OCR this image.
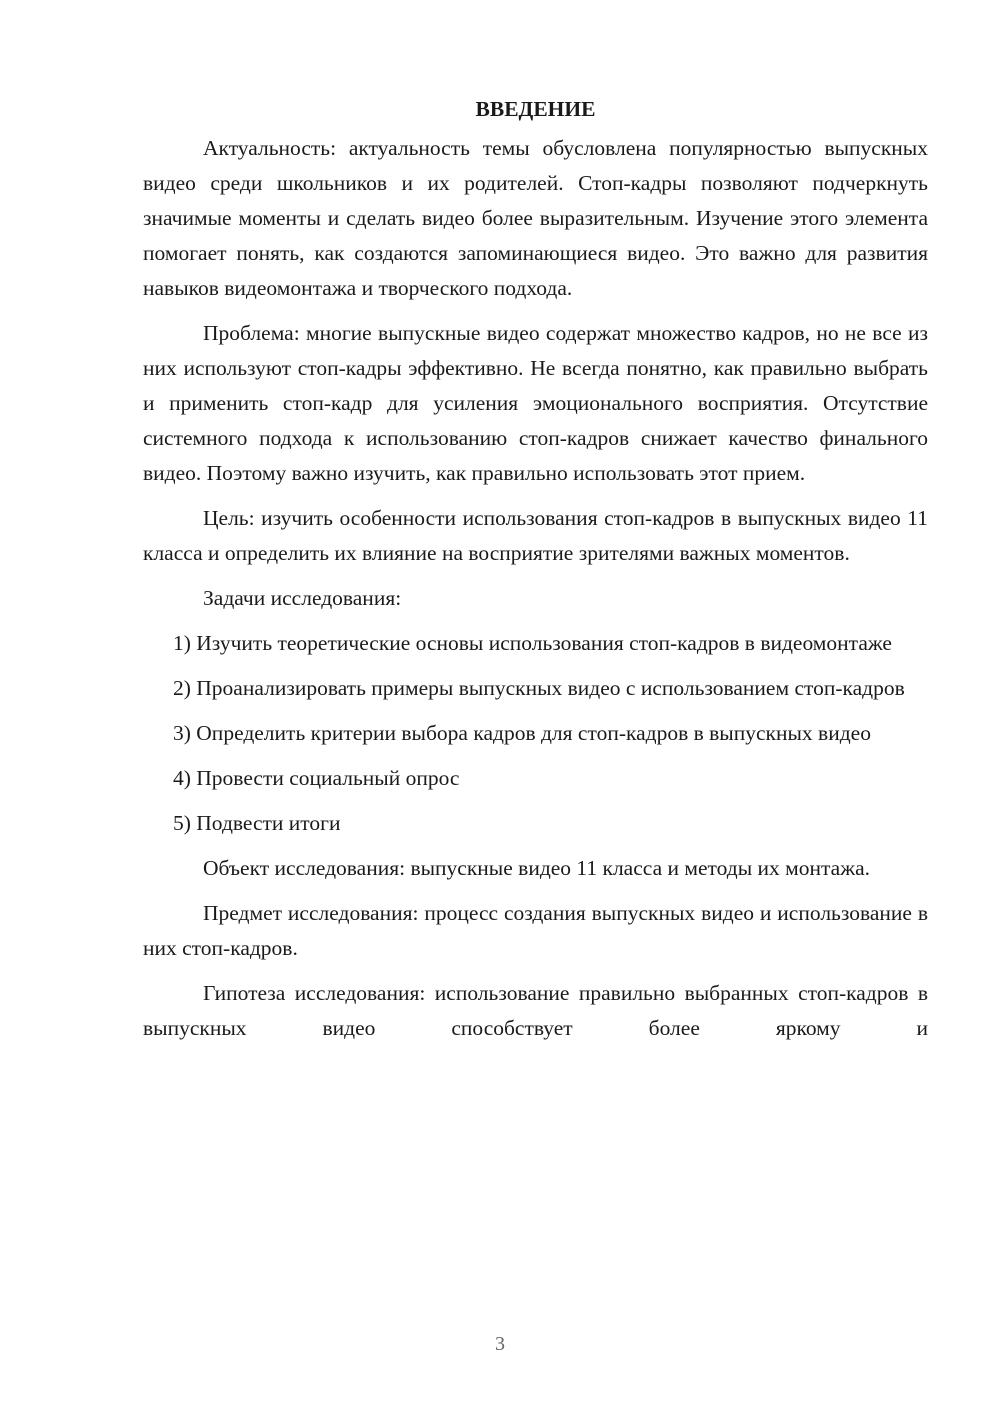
ВВЕДЕНИЕ

Актуальность: актуальность темы обусловлена популярностью выпускных видео среди школьников и их родителей. Стоп-кадры позволяют подчеркнуть значимые моменты и сделать видео более выразительным. Изучение этого элемента помогает понять, как создаются запоминающиеся видео. Это важно для развития навыков видеомонтажа и творческого подхода.

Проблема: многие выпускные видео содержат множество кадров, но не все из них используют стоп-кадры эффективно. Не всегда понятно, как правильно выбрать и применить стоп-кадр для усиления эмоционального восприятия. Отсутствие системного подхода к использованию стоп-кадров снижает качество финального видео. Поэтому важно изучить, как правильно использовать этот прием.

Цель: изучить особенности использования стоп-кадров в выпускных видео 11 класса и определить их влияние на восприятие зрителями важных моментов.

Задачи исследования:

1) Изучить теоретические основы использования стоп-кадров в видеомонтаже

2) Проанализировать примеры выпускных видео с использованием стоп-кадров

3) Определить критерии выбора кадров для стоп-кадров в выпускных видео

4) Провести социальный опрос

5) Подвести итоги

Объект исследования: выпускные видео 11 класса и методы их монтажа.

Предмет исследования: процесс создания выпускных видео и использование в них стоп-кадров.

Гипотеза исследования: использование правильно выбранных стоп-кадров в выпускных видео способствует более яркому и

3
